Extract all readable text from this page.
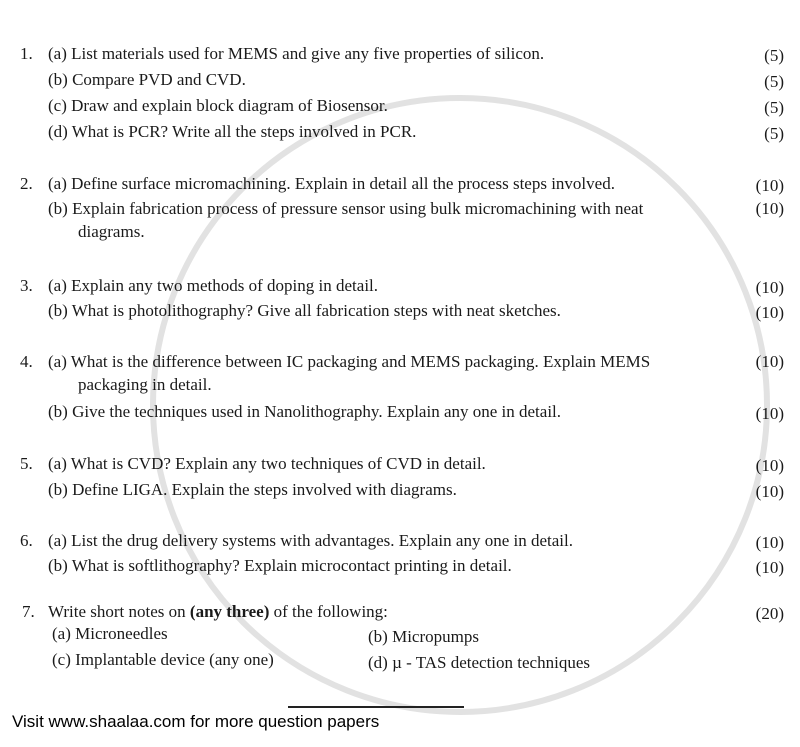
1. (a) List materials used for MEMS and give any five properties of silicon.	(5)
(b) Compare PVD and CVD.	(5)
(c) Draw and explain block diagram of Biosensor.	(5)
(d) What is PCR? Write all the steps involved in PCR.	(5)
2. (a) Define surface micromachining. Explain in detail all the process steps involved.	(10)
(b) Explain fabrication process of pressure sensor using bulk micromachining with neat	(10)
diagrams.
3. (a) Explain any two methods of doping in detail.	(10)
(b) What is photolithography? Give all fabrication steps with neat sketches.	(10)
4. (a) What is the difference between IC packaging and MEMS packaging. Explain MEMS	(10)
packaging in detail.
(b) Give the techniques used in Nanolithography. Explain any one in detail.	(10)
5. (a) What is CVD? Explain any two techniques of CVD in detail.	(10)
(b) Define LIGA. Explain the steps involved with diagrams.	(10)
6. (a) List the drug delivery systems with advantages. Explain any one in detail.	(10)
(b) What is softlithography? Explain microcontact printing in detail.	(10)
7. Write short notes on (any three) of the following:	(20)
(a) Microneedles	(b) Micropumps
(c) Implantable device (any one)	(d) µ - TAS detection techniques
Visit www.shaalaa.com for more question papers
